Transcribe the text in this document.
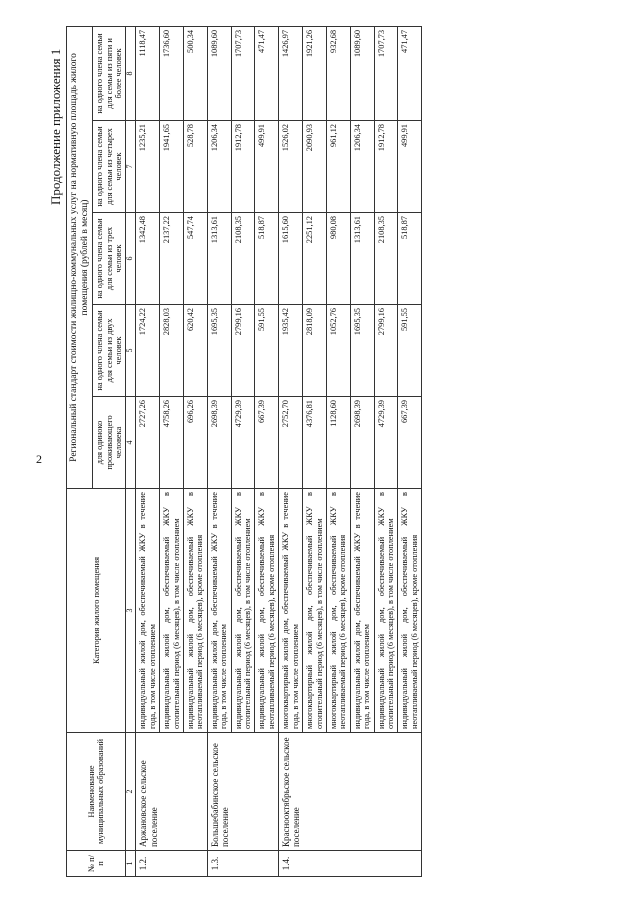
2
Продолжение приложения 1
№ п/п	Наименование муниципальных образований	Категория жилого помещения	Региональный стандарт стоимости жилищно-коммунальных услуг на нормативную площадь жилого помещения (рублей в месяц)				
			для одиноко проживающего человека	на одного члена семьи для семьи из двух человек	на одного члена семьи для семьи из трех человек	на одного члена семьи для семьи из четырех человек	на одного члена семьи для семьи из пяти и более человек
1	2	3	4	5	6	7	8
1.2.	Аржановское сельское поселение	индивидуальный жилой дом, обеспечиваемый ЖКУ в течение года, в том числе отоплением	2727,26	1724,22	1342,48	1235,21	1118,47
		индивидуальный жилой дом, обеспечиваемый ЖКУ в отопительный период (6 месяцев), в том числе отоплением	4758,26	2828,03	2137,22	1941,65	1736,60
		индивидуальный жилой дом, обеспечиваемый ЖКУ в неотапливаемый период (6 месяцев), кроме отопления	696,26	620,42	547,74	528,78	500,34
1.3.	Большебабинское сельское поселение	индивидуальный жилой дом, обеспечиваемый ЖКУ в течение года, в том числе отоплением	2698,39	1695,35	1313,61	1206,34	1089,60
		индивидуальный жилой дом, обеспечиваемый ЖКУ в отопительный период (6 месяцев), в том числе отоплением	4729,39	2799,16	2108,35	1912,78	1707,73
		индивидуальный жилой дом, обеспечиваемый ЖКУ в неотапливаемый период (6 месяцев), кроме отопления	667,39	591,55	518,87	499,91	471,47
1.4.	Краснооктябрьское сельское поселение	многоквартирный жилой дом, обеспечиваемый ЖКУ в течение года, в том числе отоплением	2752,70	1935,42	1615,60	1526,02	1426,97
		многоквартирный жилой дом, обеспечиваемый ЖКУ в отопительный период (6 месяцев), в том числе отоплением	4376,81	2818,09	2251,12	2090,93	1921,26
		многоквартирный жилой дом, обеспечиваемый ЖКУ в неотапливаемый период (6 месяцев), кроме отопления	1128,60	1052,76	980,08	961,12	932,68
		индивидуальный жилой дом, обеспечиваемый ЖКУ в течение года, в том числе отоплением	2698,39	1695,35	1313,61	1206,34	1089,60
		индивидуальный жилой дом, обеспечиваемый ЖКУ в отопительный период (6 месяцев), в том числе отоплением	4729,39	2799,16	2108,35	1912,78	1707,73
		индивидуальный жилой дом, обеспечиваемый ЖКУ в неотапливаемый период (6 месяцев), кроме отопления	667,39	591,55	518,87	499,91	471,47
